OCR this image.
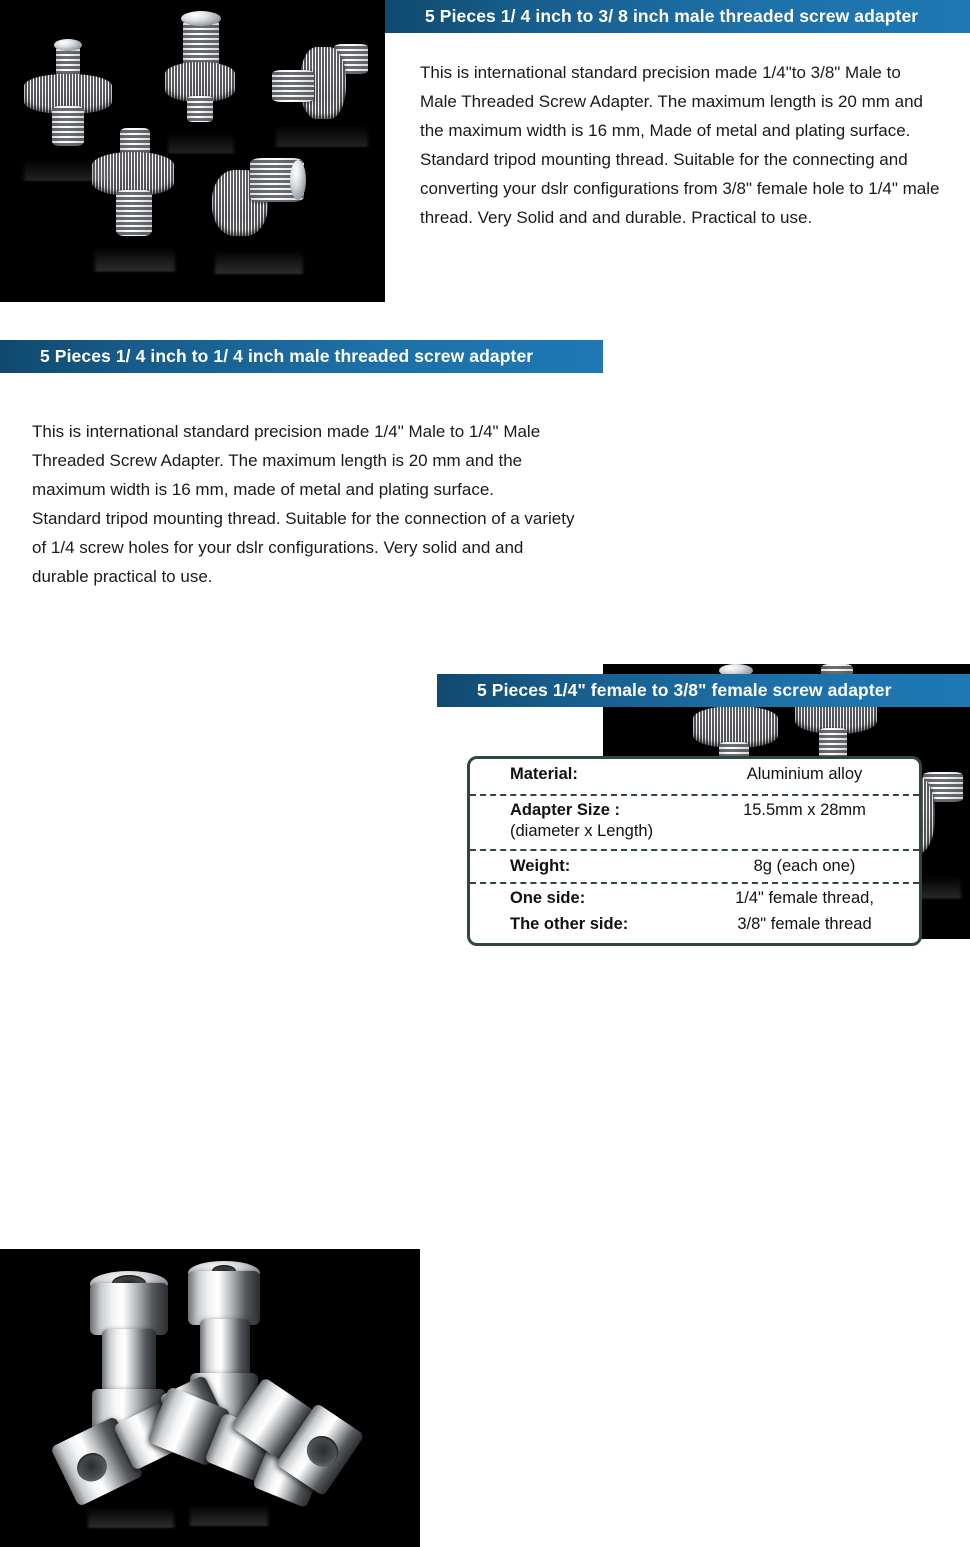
5 Pieces 1/ 4 inch to 3/ 8 inch male threaded screw adapter

This is international standard precision made 1/4"to 3/8" Male to Male Threaded Screw Adapter. The maximum length is 20 mm and the maximum width is 16 mm, Made of metal and plating surface.

Standard tripod mounting thread. Suitable for the connecting and converting your dslr configurations from 3/8" female hole to 1/4" male thread. Very Solid and and durable. Practical to use.

5 Pieces 1/ 4 inch to 1/ 4 inch male threaded screw adapter

This is international standard precision made 1/4" Male to 1/4" Male Threaded Screw Adapter. The maximum length is 20 mm and the maximum width is 16 mm, made of metal and plating surface.

Standard tripod mounting thread. Suitable for the connection of a variety of 1/4 screw holes for your dslr configurations. Very solid and and durable practical to use.

5 Pieces 1/4" female to 3/8" female screw adapter
Material:	Aluminium alloy
Adapter Size :
(diameter x Length)
15.5mm x 28mm
Weight:	8g (each one)
One side:	1/4" female thread,
The other side:	3/8" female thread
